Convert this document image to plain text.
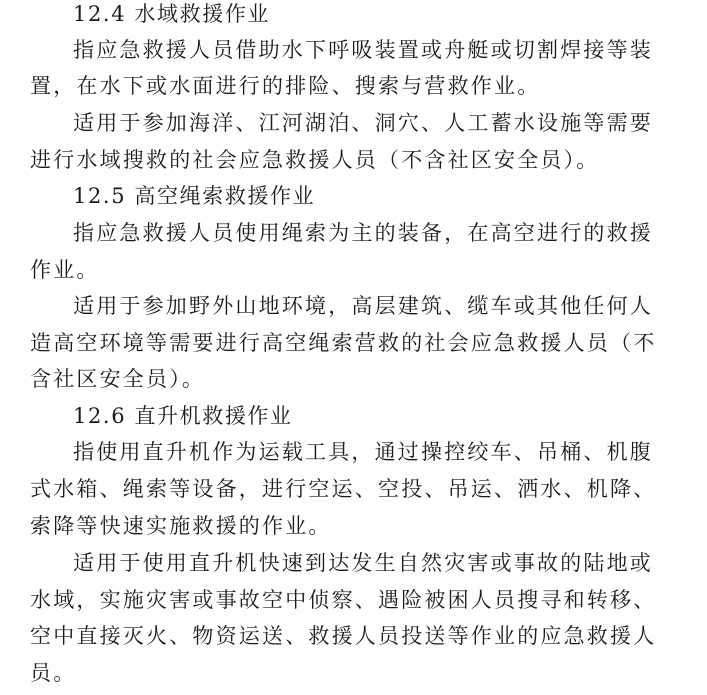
12.4 水域救援作业
指应急救援人员借助水下呼吸装置或舟艇或切割焊接等装
置，在水下或水面进行的排险、搜索与营救作业。
适用于参加海洋、江河湖泊、洞穴、人工蓄水设施等需要
进行水域搜救的社会应急救援人员（不含社区安全员）。
12.5 高空绳索救援作业
指应急救援人员使用绳索为主的装备，在高空进行的救援
作业。
适用于参加野外山地环境，高层建筑、缆车或其他任何人
造高空环境等需要进行高空绳索营救的社会应急救援人员（不
含社区安全员）。
12.6 直升机救援作业
指使用直升机作为运载工具，通过操控绞车、吊桶、机腹
式水箱、绳索等设备，进行空运、空投、吊运、洒水、机降、
索降等快速实施救援的作业。
适用于使用直升机快速到达发生自然灾害或事故的陆地或
水域，实施灾害或事故空中侦察、遇险被困人员搜寻和转移、
空中直接灭火、物资运送、救援人员投送等作业的应急救援人
员。
